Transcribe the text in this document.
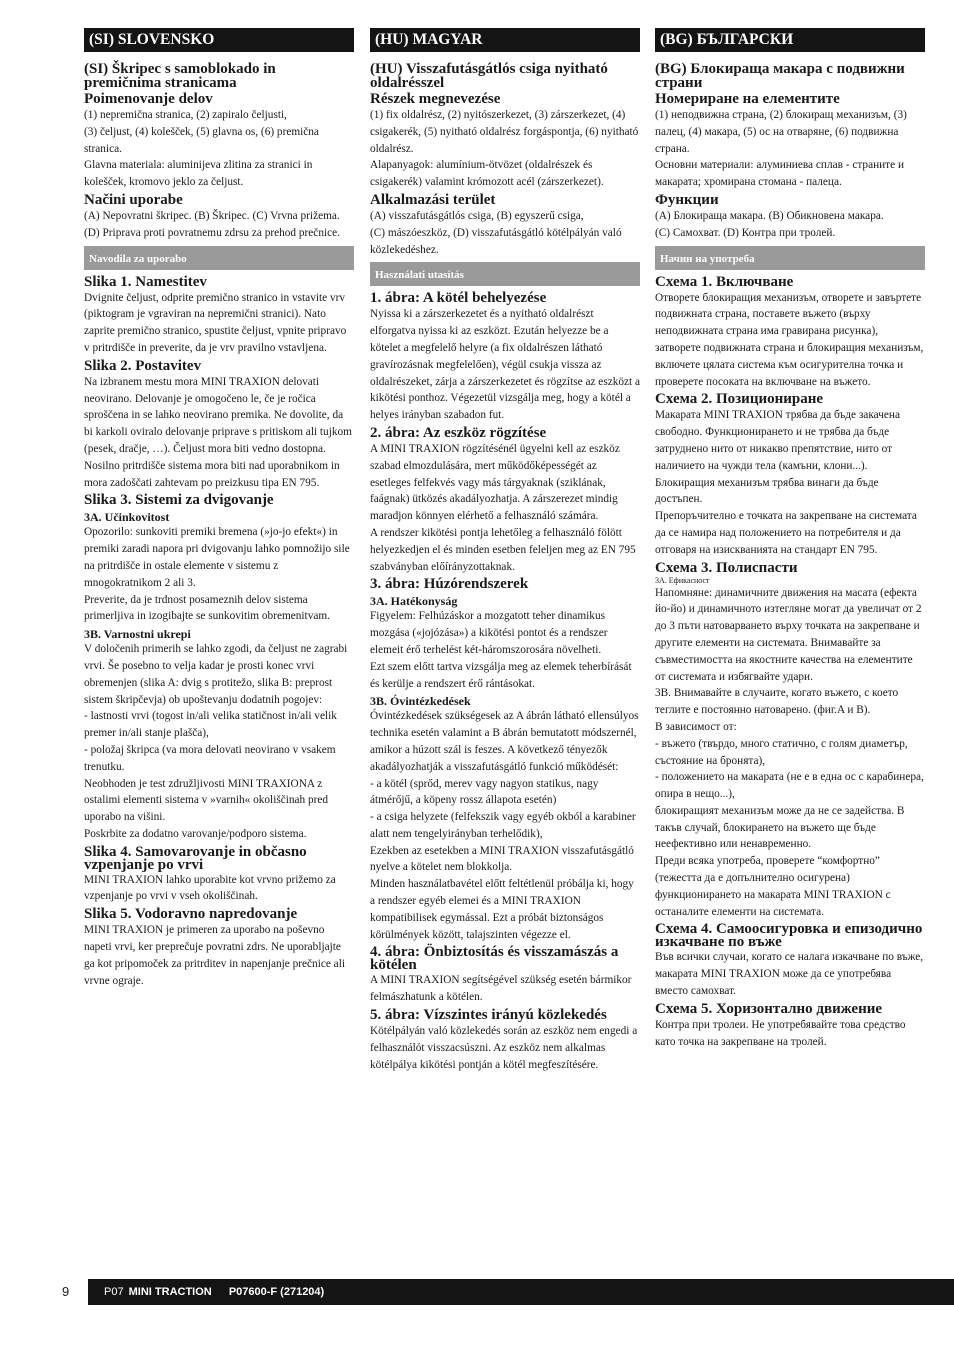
(SI) SLOVENSKO
(SI) Škripec s samoblokado in premičnima stranicama
Poimenovanje delov
(1) nepremična stranica, (2) zapiralo čeljusti,
(3) čeljust, (4) kolešček, (5) glavna os, (6) premična stranica.
Glavna materiala: aluminijeva zlitina za stranici in kolešček, kromovo jeklo za čeljust.
Načini uporabe
(A) Nepovratni škripec. (B) Škripec. (C) Vrvna prižema. (D) Priprava proti povratnemu zdrsu za prehod prečnice.
Navodila za uporabo
Slika 1. Namestitev
Dvignite čeljust, odprite premično stranico in vstavite vrv (piktogram je vgraviran na nepremični stranici). Nato zaprite premično stranico, spustite čeljust, vpnite pripravo v pritrdišče in preverite, da je vrv pravilno vstavljena.
Slika 2. Postavitev
Na izbranem mestu mora MINI TRAXION delovati neovirano. Delovanje je omogočeno le, če je ročica sproščena in se lahko neovirano premika. Ne dovolite, da bi karkoli oviralo delovanje priprave s pritiskom ali tujkom (pesek, dračje, …). Čeljust mora biti vedno dostopna.
Nosilno pritrdišče sistema mora biti nad uporabnikom in mora zadoščati zahtevam po preizkusu tipa EN 795.
Slika 3. Sistemi za dvigovanje
3A. Učinkovitost
Opozorilo: sunkoviti premiki bremena (»jo-jo efekt«) in premiki zaradi napora pri dvigovanju lahko pomnožijo sile na pritrdišče in ostale elemente v sistemu z mnogokratnikom 2 ali 3.
Preverite, da je trdnost posameznih delov sistema primerljiva in izogibajte se sunkovitim obremenitvam.
3B. Varnostni ukrepi
V določenih primerih se lahko zgodi, da čeljust ne zagrabi vrvi. Še posebno to velja kadar je prosti konec vrvi obremenjen (slika A: dvig s protitežo, slika B: preprost sistem škripčevja) ob upoštevanju dodatnih pogojev:
- lastnosti vrvi (togost in/ali velika statičnost in/ali velik premer in/ali stanje plašča),
- položaj škripca (va mora delovati neovirano v vsakem trenutku.
Neobhoden je test združljivosti MINI TRAXIONA z ostalimi elementi sistema v »varnih« okoliščinah pred uporabo na višini.
Poskrbite za dodatno varovanje/podporo sistema.
Slika 4. Samovarovanje in občasno vzpenjanje po vrvi
MINI TRAXION lahko uporabite kot vrvno prižemo za vzpenjanje po vrvi v vseh okoliščinah.
Slika 5. Vodoravno napredovanje
MINI TRAXION je primeren za uporabo na poševno napeti vrvi, ker preprečuje povratni zdrs. Ne uporabljajte ga kot pripomoček za pritrditev in napenjanje prečnice ali vrvne ograje.
(HU) MAGYAR
(HU) Visszafutásgátlós csiga nyitható oldalrésszel
Részek megnevezése
(1) fix oldalrész, (2) nyitószerkezet, (3) zárszerkezet, (4) csigakerék, (5) nyitható oldalrész forgáspontja, (6) nyitható oldalrész.
Alapanyagok: alumínium-ötvözet (oldalrészek és csigakerék) valamint krómozott acél (zárszerkezet).
Alkalmazási terület
(A) visszafutásgátlós csiga, (B) egyszerű csiga,
(C) mászóeszköz, (D) visszafutásgátló kötélpályán való közlekedéshez.
Használati utasítás
1. ábra: A kötél behelyezése
Nyissa ki a zárszerkezetet és a nyitható oldalrészt elforgatva nyissa ki az eszközt. Ezután helyezze be a kötelet a megfelelő helyre (a fix oldalrészen látható gravírozásnak megfelelően), végül csukja vissza az oldalrészeket, zárja a zárszerkezetet és rögzítse az eszközt a kikötési ponthoz. Végezetül vizsgálja meg, hogy a kötél a helyes irányban szabadon fut.
2. ábra: Az eszköz rögzítése
A MINI TRAXION rögzítésénél ügyelni kell az eszköz szabad elmozdulására, mert működőképességét az esetleges felfekvés vagy más tárgyaknak (sziklának, faágnak) ütközés akadályozhatja. A zárszerezet mindig maradjon könnyen elérhető a felhasználó számára.
A rendszer kikötési pontja lehetőleg a felhasználó fölött helyezkedjen el és minden esetben feleljen meg az EN 795 szabványban előírányzottaknak.
3. ábra: Húzórendszerek
3A. Hatékonyság
Figyelem: Felhúzáskor a mozgatott teher dinamikus mozgása («jojózása») a kikötési pontot és a rendszer elemeit érő terhelést két-háromszorosára növelheti.
Ezt szem előtt tartva vizsgálja meg az elemek teherbírását és kerülje a rendszert érő rántásokat.
3B. Óvintézkedések
Óvintézkedések szükségesek az A ábrán látható ellensúlyos technika esetén valamint a B ábrán bemutatott módszernél, amikor a húzott szál is feszes. A következő tényezők akadályozhatják a visszafutásgátló funkció működését:
- a kötél (sprőd, merev vagy nagyon statikus, nagy átmérőjű, a köpeny rossz állapota esetén)
- a csiga helyzete (felfekszik vagy egyéb okból a karabiner alatt nem tengelyirányban terhelődik),
Ezekben az esetekben a MINI TRAXION visszafutásgátló nyelve a kötelet nem blokkolja.
Minden használatbavétel előtt feltétlenül próbálja ki, hogy a rendszer egyéb elemei és a MINI TRAXION kompatibilisek egymással. Ezt a próbát biztonságos körülmények között, talajszinten végezze el.
4. ábra: Önbiztosítás és visszamászás a kötélen
A MINI TRAXION segítségével szükség esetén bármikor felmászhatunk a kötélen.
5. ábra: Vízszintes irányú közlekedés
Kötélpályán való közlekedés során az eszköz nem engedi a felhasználót visszacsúszni. Az eszköz nem alkalmas kötélpálya kikötési pontján a kötél megfeszítésére.
(BG) БЪЛГАРСКИ
(BG) Блокираща макара с подвижни страни
Номериране на елементите
(1) неподвижна страна, (2) блокиращ механизъм, (3) палец, (4) макара, (5) ос на отваряне, (6) подвижна страна.
Основни материали: алуминиева сплав - страните и макарата; хромирана стомана - палеца.
Функции
(A) Блокираща макара. (B) Обикновена макара.
(C) Самохват. (D) Контра при тролей.
Начин на употреба
Схема 1. Включване
Отворете блокиращия механизъм, отворете и завъртете подвижната страна, поставете въжето (върху неподвижната страна има гравирана рисунка), затворете подвижната страна и блокиращия механизъм, включете цялата система към осигурителна точка и проверете посоката на включване на въжето.
Схема 2. Позициониране
Макарата MINI TRAXION трябва да бъде закачена свободно. Функционирането и не трябва да бъде затруднено нито от никакво препятствие, нито от наличието на чужди тела (камъни, клони...). Блокиращия механизъм трябва винаги да бъде достъпен.
Препоръчително е точката на закрепване на системата да се намира над положението на потребителя и да отговаря на изискванията на стандарт EN 795.
Схема 3. Полиспасти
3А. Ефикасност
Напомняне: динамичните движения на масата (ефекта йо-йо) и динамичното изтегляне могат да увеличат от 2 до 3 пъти натоварването върху точката на закрепване и другите елементи на системата. Внимавайте за съвместимостта на якостните качества на елементите от системата и избягвайте удари.
3В. Внимавайте в случаите, когато въжето, с което теглите е постоянно натоварено. (фиг.A и B).
В зависимост от:
- въжето (твърдо, много статично, с голям диаметър, състояние на бронята),
- положението на макарата (не е в една ос с карабинера, опира в нещо...),
блокиращият механизъм може да не се задейства. В такъв случай, блокирането на въжето ще бъде неефективно или ненавременно.
Преди всяка употреба, проверете “комфортно” (тежестта да е допълнително осигурена) функционирането на макарата MINI TRAXION с останалите елементи на системата.
Схема 4. Самоосигуровка и епизодично изкачване по въже
Във всички случаи, когато се налага изкачване по въже, макарата MINI TRAXION може да се употребява вместо самохват.
Схема 5. Хоризонтално движение
Контра при тролеи. Не употребявайте това средство като точка на закрепване на тролей.
9	P07 MINI TRACTION P07600-F (271204)
